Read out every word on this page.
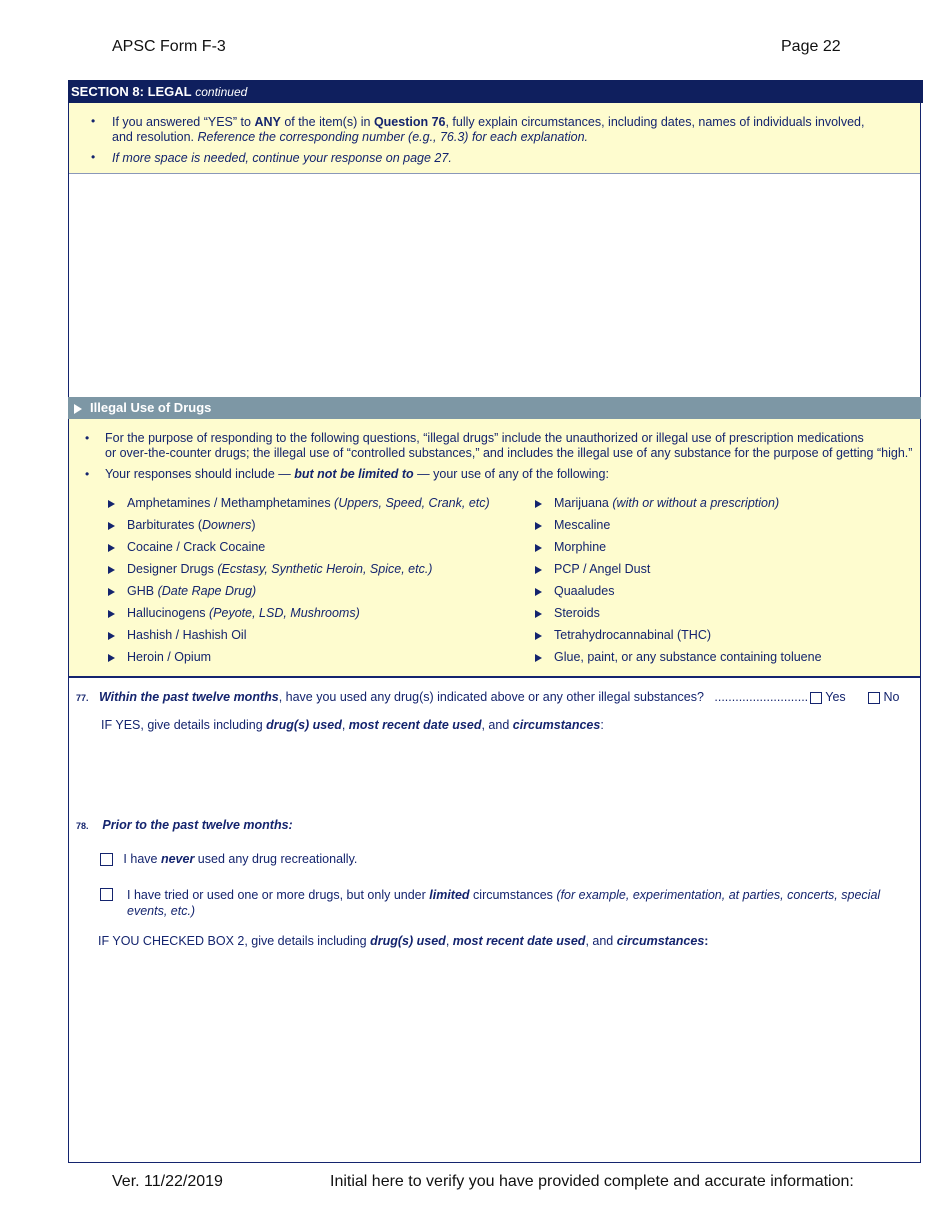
APSC Form F-3	Page 22
SECTION 8: LEGAL continued
• If you answered “YES” to ANY of the item(s) in Question 76, fully explain circumstances, including dates, names of individuals involved,
and resolution. Reference the corresponding number (e.g., 76.3) for each explanation.
• If more space is needed, continue your response on page 27.
Illegal Use of Drugs
• For the purpose of responding to the following questions, “illegal drugs” include the unauthorized or illegal use of prescription medications
or over-the-counter drugs; the illegal use of “controlled substances,” and includes the illegal use of any substance for the purpose of getting “high.”
• Your responses should include — but not be limited to — your use of any of the following:
Amphetamines / Methamphetamines (Uppers, Speed, Crank, etc)
Barbiturates (Downers)
Cocaine / Crack Cocaine
Designer Drugs (Ecstasy, Synthetic Heroin, Spice, etc.)
GHB (Date Rape Drug)
Hallucinogens (Peyote, LSD, Mushrooms)
Hashish / Hashish Oil
Heroin / Opium
Marijuana (with or without a prescription)
Mescaline
Morphine
PCP / Angel Dust
Quaaludes
Steroids
Tetrahydrocannabinal (THC)
Glue, paint, or any substance containing toluene
77. Within the past twelve months, have you used any drug(s) indicated above or any other illegal substances? ...........................	Yes	No
IF YES, give details including drug(s) used, most recent date used, and circumstances:
78. Prior to the past twelve months:
I have never used any drug recreationally.
I have tried or used one or more drugs, but only under limited circumstances (for example, experimentation, at parties, concerts, special
events, etc.)
IF YOU CHECKED BOX 2, give details including drug(s) used, most recent date used, and circumstances:
Ver. 11/22/2019	Initial here to verify you have provided complete and accurate information:
